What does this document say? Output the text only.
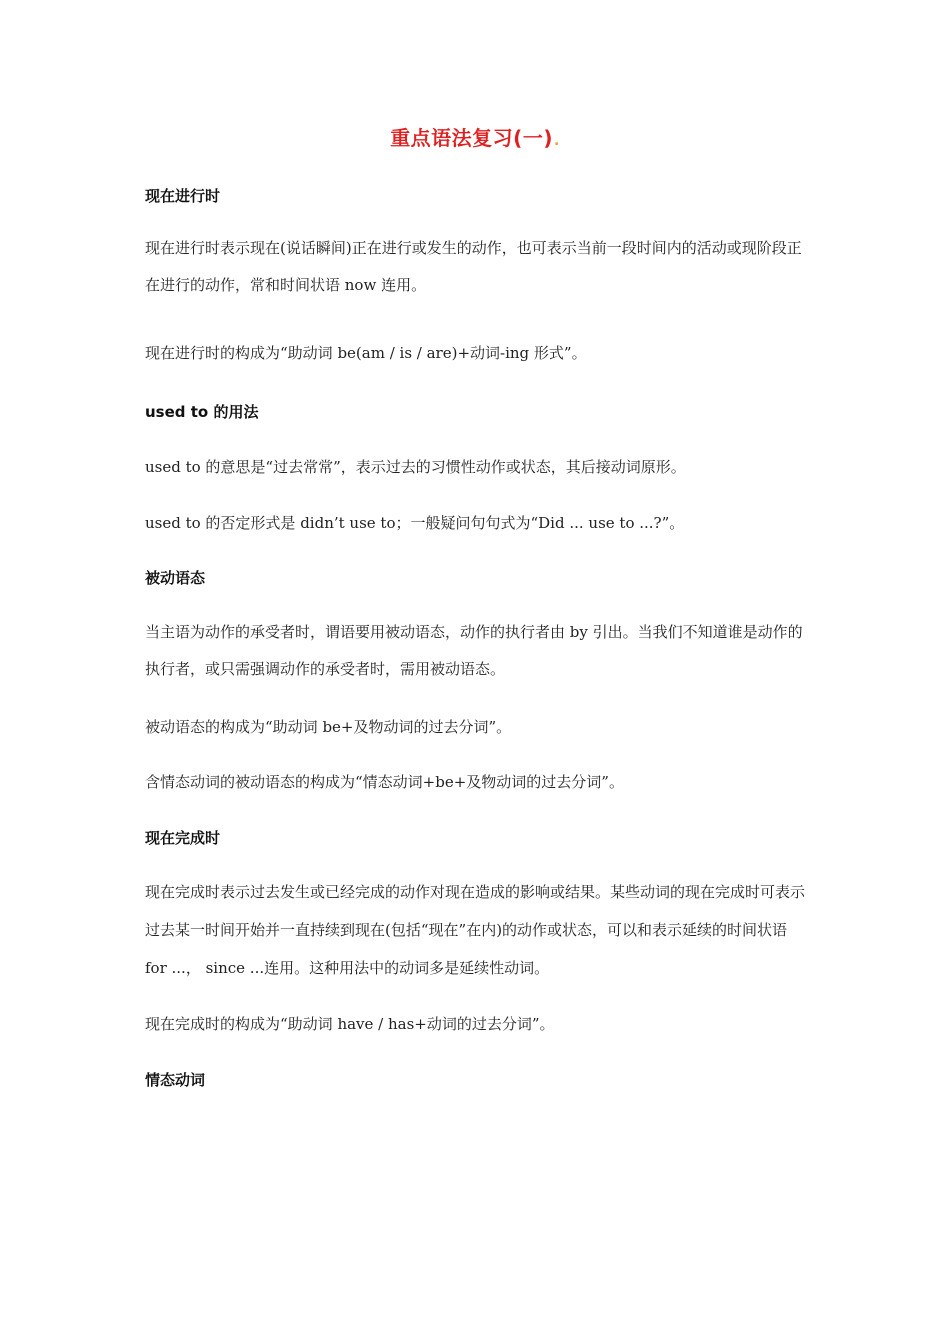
重点语法复习(一).
现在进行时
现在进行时表示现在(说话瞬间)正在进行或发生的动作，也可表示当前一段时间内的活动或现阶段正在进行的动作，常和时间状语 now 连用。
现在进行时的构成为“助动词 be(am / is / are)+动词-ing 形式”。
used to 的用法
used to 的意思是“过去常常”，表示过去的习惯性动作或状态，其后接动词原形。
used to 的否定形式是 didn’t use to；一般疑问句句式为“Did ... use to ...?”。
被动语态
当主语为动作的承受者时，谓语要用被动语态，动作的执行者由 by 引出。当我们不知道谁是动作的执行者，或只需强调动作的承受者时，需用被动语态。
被动语态的构成为“助动词 be+及物动词的过去分词”。
含情态动词的被动语态的构成为“情态动词+be+及物动词的过去分词”。
现在完成时
现在完成时表示过去发生或已经完成的动作对现在造成的影响或结果。某些动词的现在完成时可表示过去某一时间开始并一直持续到现在(包括“现在”在内)的动作或状态，可以和表示延续的时间状语 for ...， since ...连用。这种用法中的动词多是延续性动词。
现在完成时的构成为“助动词 have / has+动词的过去分词”。
情态动词
